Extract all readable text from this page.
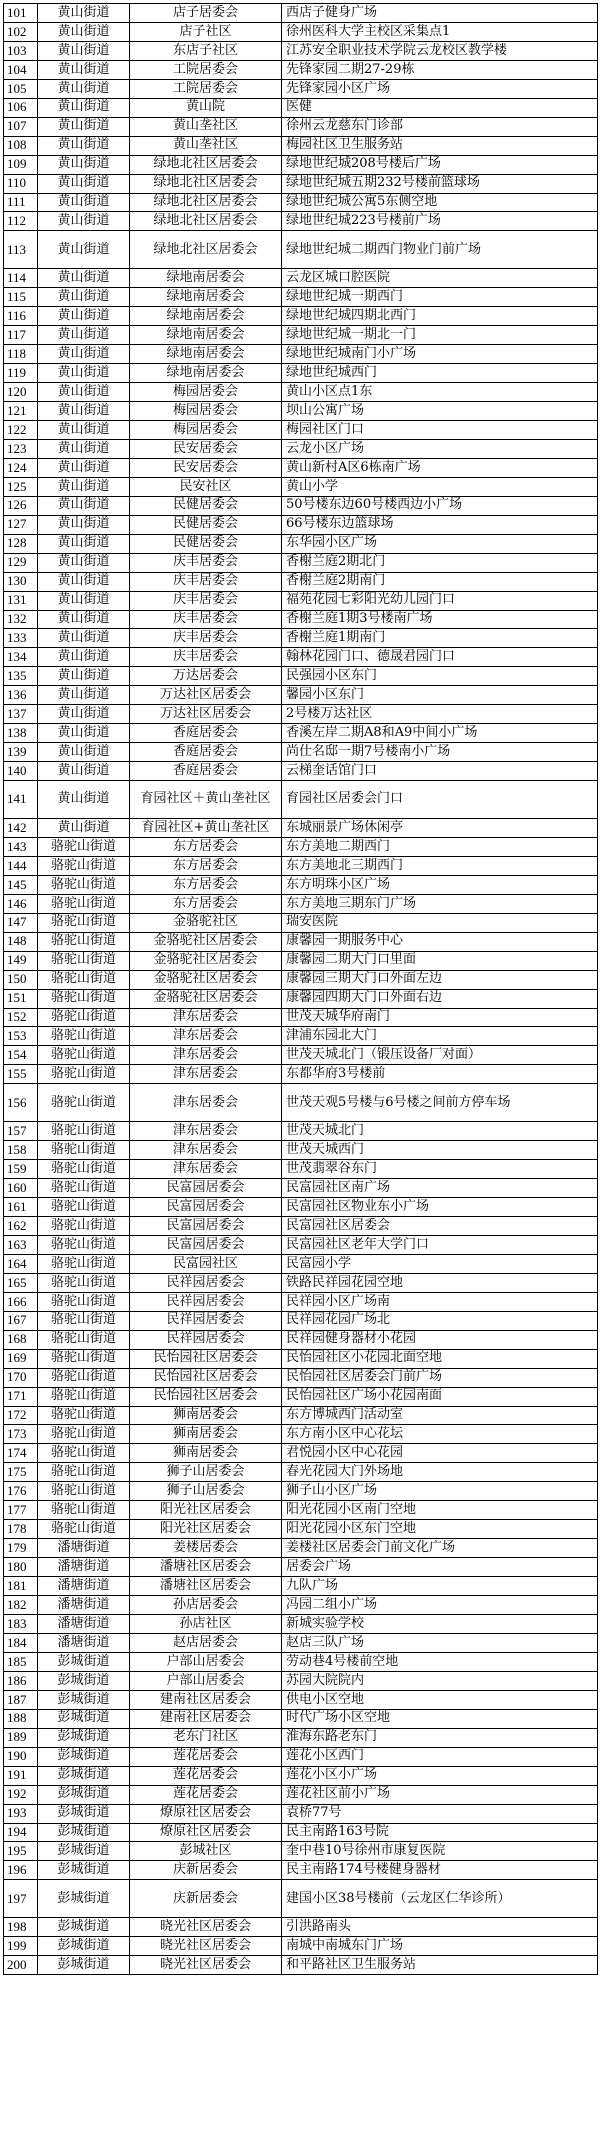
101	黄山街道	店子居委会	西店子健身广场
102	黄山街道	店子社区	徐州医科大学主校区采集点1
103	黄山街道	东店子社区	江苏安全职业技术学院云龙校区教学楼
104	黄山街道	工院居委会	先锋家园二期27-29栋
105	黄山街道	工院居委会	先锋家园小区广场
106	黄山街道	黄山院	医健
107	黄山街道	黄山垄社区	徐州云龙慈东门诊部
108	黄山街道	黄山垄社区	梅园社区卫生服务站
109	黄山街道	绿地北社区居委会	绿地世纪城208号楼后广场
110	黄山街道	绿地北社区居委会	绿地世纪城五期232号楼前篮球场
111	黄山街道	绿地北社区居委会	绿地世纪城公寓5东侧空地
112	黄山街道	绿地北社区居委会	绿地世纪城223号楼前广场
113	黄山街道	绿地北社区居委会	绿地世纪城二期西门物业门前广场
114	黄山街道	绿地南居委会	云龙区城口腔医院
115	黄山街道	绿地南居委会	绿地世纪城一期西门
116	黄山街道	绿地南居委会	绿地世纪城四期北西门
117	黄山街道	绿地南居委会	绿地世纪城一期北一门
118	黄山街道	绿地南居委会	绿地世纪城南门小广场
119	黄山街道	绿地南居委会	绿地世纪城西门
120	黄山街道	梅园居委会	黄山小区点1东
121	黄山街道	梅园居委会	坝山公寓广场
122	黄山街道	梅园居委会	梅园社区门口
123	黄山街道	民安居委会	云龙小区广场
124	黄山街道	民安居委会	黄山新村A区6栋南广场
125	黄山街道	民安社区	黄山小学
126	黄山街道	民健居委会	50号楼东边60号楼西边小广场
127	黄山街道	民健居委会	66号楼东边篮球场
128	黄山街道	民健居委会	东华园小区广场
129	黄山街道	庆丰居委会	香榭兰庭2期北门
130	黄山街道	庆丰居委会	香榭兰庭2期南门
131	黄山街道	庆丰居委会	福苑花园七彩阳光幼儿园门口
132	黄山街道	庆丰居委会	香榭兰庭1期3号楼南广场
133	黄山街道	庆丰居委会	香榭兰庭1期南门
134	黄山街道	庆丰居委会	翰林花园门口、德晟君园门口
135	黄山街道	万达居委会	民强园小区东门
136	黄山街道	万达社区居委会	馨园小区东门
137	黄山街道	万达社区居委会	2号楼万达社区
138	黄山街道	香庭居委会	香溪左岸二期A8和A9中间小广场
139	黄山街道	香庭居委会	尚仕名邸一期7号楼南小广场
140	黄山街道	香庭居委会	云梯奎话馆门口
141	黄山街道	育园社区＋黄山垄社区	育园社区居委会门口
142	黄山街道	育园社区+黄山垄社区	东城丽景广场休闲亭
143	骆驼山街道	东方居委会	东方美地二期西门
144	骆驼山街道	东方居委会	东方美地北三期西门
145	骆驼山街道	东方居委会	东方明珠小区广场
146	骆驼山街道	东方居委会	东方美地三期东门广场
147	骆驼山街道	金骆驼社区	瑞安医院
148	骆驼山街道	金骆驼社区居委会	康馨园一期服务中心
149	骆驼山街道	金骆驼社区居委会	康馨园二期大门口里面
150	骆驼山街道	金骆驼社区居委会	康馨园三期大门口外面左边
151	骆驼山街道	金骆驼社区居委会	康馨园四期大门口外面右边
152	骆驼山街道	津东居委会	世茂天城华府南门
153	骆驼山街道	津东居委会	津浦东园北大门
154	骆驼山街道	津东居委会	世茂天城北门（锻压设备厂对面）
155	骆驼山街道	津东居委会	东都华府3号楼前
156	骆驼山街道	津东居委会	世茂天观5号楼与6号楼之间前方停车场
157	骆驼山街道	津东居委会	世茂天城北门
158	骆驼山街道	津东居委会	世茂天城西门
159	骆驼山街道	津东居委会	世茂翡翠谷东门
160	骆驼山街道	民富园居委会	民富园社区南广场
161	骆驼山街道	民富园居委会	民富园社区物业东小广场
162	骆驼山街道	民富园居委会	民富园社区居委会
163	骆驼山街道	民富园居委会	民富园社区老年大学门口
164	骆驼山街道	民富园社区	民富园小学
165	骆驼山街道	民祥园居委会	铁路民祥园花园空地
166	骆驼山街道	民祥园居委会	民祥园小区广场南
167	骆驼山街道	民祥园居委会	民祥园花园广场北
168	骆驼山街道	民祥园居委会	民祥园健身器材小花园
169	骆驼山街道	民怡园社区居委会	民怡园社区小花园北面空地
170	骆驼山街道	民怡园社区居委会	民怡园社区居委会门前广场
171	骆驼山街道	民怡园社区居委会	民怡园社区广场小花园南面
172	骆驼山街道	狮南居委会	东方博城西门活动室
173	骆驼山街道	狮南居委会	东方南小区中心花坛
174	骆驼山街道	狮南居委会	君悦园小区中心花园
175	骆驼山街道	狮子山居委会	春光花园大门外场地
176	骆驼山街道	狮子山居委会	狮子山小区广场
177	骆驼山街道	阳光社区居委会	阳光花园小区南门空地
178	骆驼山街道	阳光社区居委会	阳光花园小区东门空地
179	潘塘街道	姜楼居委会	姜楼社区居委会门前文化广场
180	潘塘街道	潘塘社区居委会	居委会广场
181	潘塘街道	潘塘社区居委会	九队广场
182	潘塘街道	孙店居委会	冯园二组小广场
183	潘塘街道	孙店社区	新城实验学校
184	潘塘街道	赵店居委会	赵店三队广场
185	彭城街道	户部山居委会	劳动巷4号楼前空地
186	彭城街道	户部山居委会	苏园大院院内
187	彭城街道	建南社区居委会	供电小区空地
188	彭城街道	建南社区居委会	时代广场小区空地
189	彭城街道	老东门社区	淮海东路老东门
190	彭城街道	莲花居委会	莲花小区西门
191	彭城街道	莲花居委会	莲花小区小广场
192	彭城街道	莲花居委会	莲花社区前小广场
193	彭城街道	燎原社区居委会	袁桥77号
194	彭城街道	燎原社区居委会	民主南路163号院
195	彭城街道	彭城社区	奎中巷10号徐州市康复医院
196	彭城街道	庆新居委会	民主南路174号楼健身器材
197	彭城街道	庆新居委会	建国小区38号楼前（云龙区仁华诊所）
198	彭城街道	晓光社区居委会	引洪路南头
199	彭城街道	晓光社区居委会	南城中南城东门广场
200	彭城街道	晓光社区居委会	和平路社区卫生服务站
